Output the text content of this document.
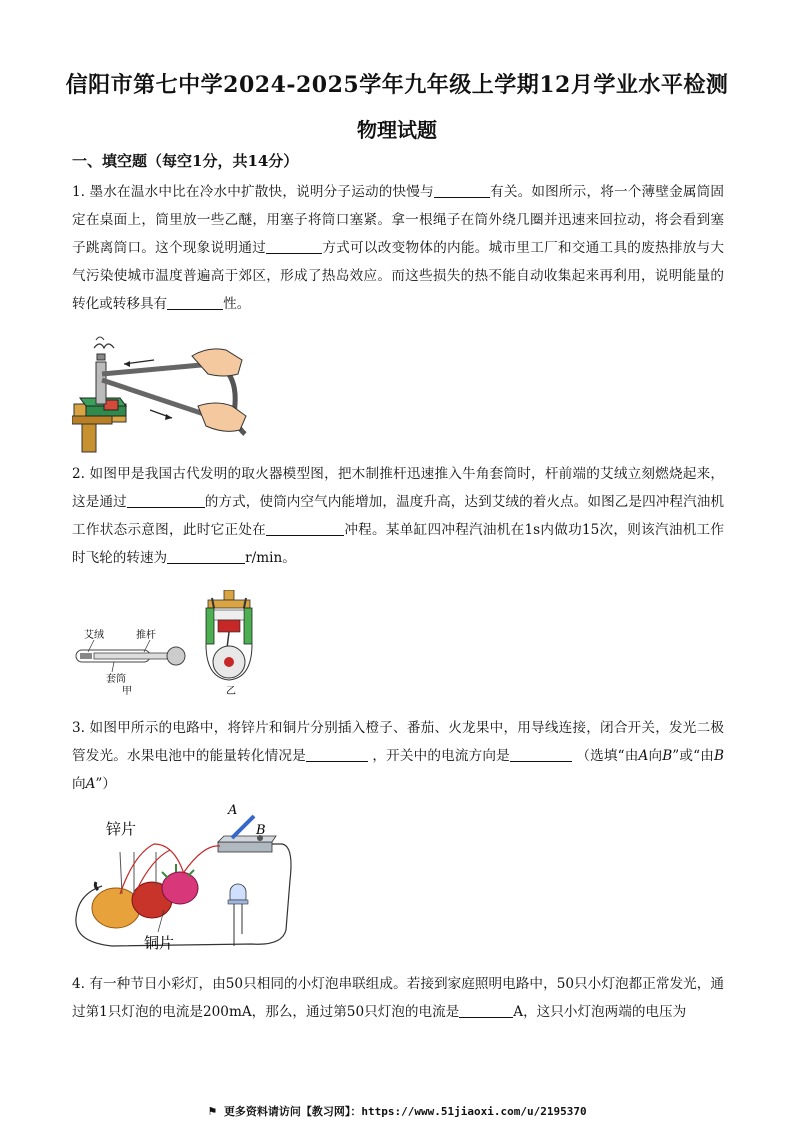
信阳市第七中学2024-2025学年九年级上学期12月学业水平检测
物理试题
一、填空题（每空1分，共14分）
1. 墨水在温水中比在冷水中扩散快，说明分子运动的快慢与	有关。如图所示，将一个薄壁金属筒固定在桌面上，筒里放一些乙醚，用塞子将筒口塞紧。拿一根绳子在筒外绕几圈并迅速来回拉动，将会看到塞子跳离筒口。这个现象说明通过	方式可以改变物体的内能。城市里工厂和交通工具的废热排放与大气污染使城市温度普遍高于郊区，形成了热岛效应。而这些损失的热不能自动收集起来再利用，说明能量的转化或转移具有	性。
2. 如图甲是我国古代发明的取火器模型图，把木制推杆迅速推入牛角套筒时，杆前端的艾绒立刻燃烧起来，这是通过	的方式，使筒内空气内能增加，温度升高，达到艾绒的着火点。如图乙是四冲程汽油机工作状态示意图，此时它正处在	冲程。某单缸四冲程汽油机在1s内做功15次，则该汽油机工作时飞轮的转速为	r/min。
艾绒	推杆
套筒
甲	乙
3. 如图甲所示的电路中，将锌片和铜片分别插入橙子、番茄、火龙果中，用导线连接，闭合开关，发光二极管发光。水果电池中的能量转化情况是	，开关中的电流方向是	（选填“由A向B”或“由B向A”）
A
B
锌片
铜片
4. 有一种节日小彩灯，由50只相同的小灯泡串联组成。若接到家庭照明电路中，50只小灯泡都正常发光，通过第1只灯泡的电流是200mA，那么，通过第50只灯泡的电流是	A，这只小灯泡两端的电压为
⚑ 更多资料请访问【教习网】：https://www.51jiaoxi.com/u/2195370
